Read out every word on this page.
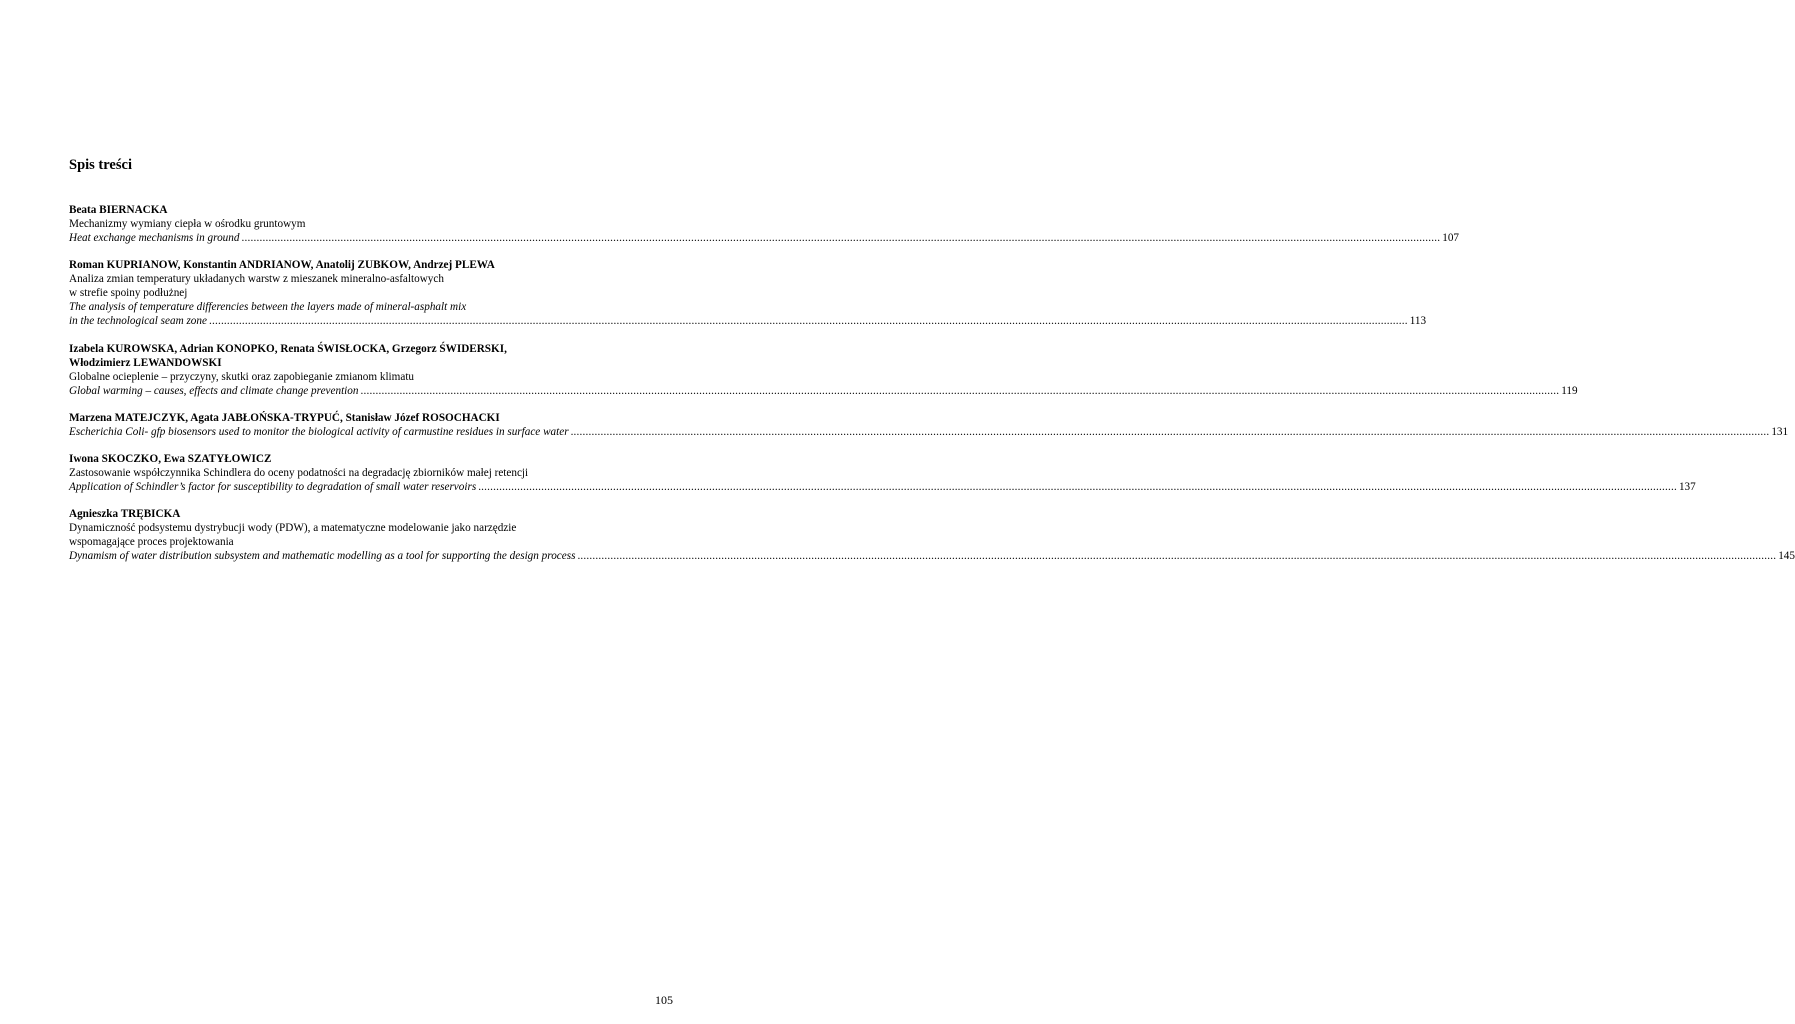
Spis treści
Beata BIERNACKA
Mechanizmy wymiany ciepła w ośrodku gruntowym
Heat exchange mechanisms in ground ................................................................................................................................................................................................................................................................................................................................................................................................................ 107
Roman KUPRIANOW, Konstantin ANDRIANOW, Anatolij ZUBKOW, Andrzej PLEWA
Analiza zmian temperatury układanych warstw z mieszanek mineralno-asfaltowych
w strefie spoiny podłużnej
The analysis of temperature differencies between the layers made of mineral-asphalt mix
in the technological seam zone ................................................................................................................................................................................................................................................................................................................................................................................................................ 113
Izabela KUROWSKA, Adrian KONOPKO, Renata ŚWISŁOCKA, Grzegorz ŚWIDERSKI,
Włodzimierz LEWANDOWSKI
Globalne ocieplenie – przyczyny, skutki oraz zapobieganie zmianom klimatu
Global warming – causes, effects and climate change prevention ................................................................................................................................................................................................................................................................................................................................................................................................................ 119
Marzena MATEJCZYK, Agata JABŁOŃSKA-TRYPUĆ, Stanisław Józef ROSOCHACKI
Escherichia Coli- gfp biosensors used to monitor the biological activity of carmustine residues in surface water ................................................................................................................................................................................................................................................................................................................................................................................................................ 131
Iwona SKOCZKO, Ewa SZATYŁOWICZ
Zastosowanie współczynnika Schindlera do oceny podatności na degradację zbiorników małej retencji
Application of Schindler’s factor for susceptibility to degradation of small water reservoirs ................................................................................................................................................................................................................................................................................................................................................................................................................ 137
Agnieszka TRĘBICKA
Dynamiczność podsystemu dystrybucji wody (PDW), a matematyczne modelowanie jako narzędzie
wspomagające proces projektowania
Dynamism of water distribution subsystem and mathematic modelling as a tool for supporting the design process ................................................................................................................................................................................................................................................................................................................................................................................................................ 145
105
